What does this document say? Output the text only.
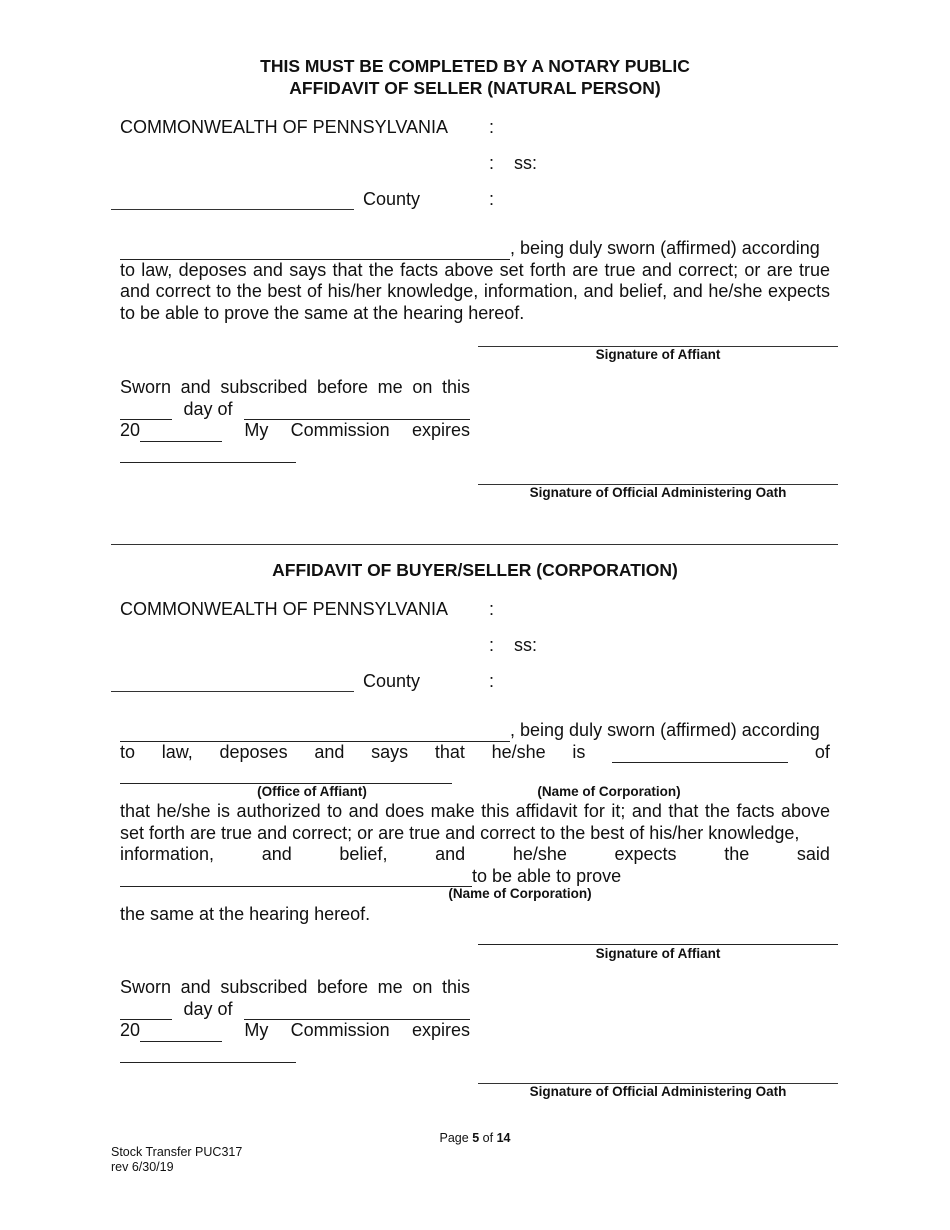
THIS MUST BE COMPLETED BY A NOTARY PUBLIC
AFFIDAVIT OF SELLER (NATURAL PERSON)
COMMONWEALTH OF PENNSYLVANIA :
: ss:
County	:
, being duly sworn (affirmed) according
to law, deposes and says that the facts above set forth are true and correct; or are true and correct to the best of his/her knowledge, information, and belief, and he/she expects to be able to prove the same at the hearing hereof.
Signature of Affiant
Sworn and subscribed before me on this
day of
20	My Commission expires
Signature of Official Administering Oath
AFFIDAVIT OF BUYER/SELLER (CORPORATION)
COMMONWEALTH OF PENNSYLVANIA :
: ss:
County	:
, being duly sworn (affirmed) according
to law, deposes and says that he/she is	of
(Office of Affiant)	(Name of Corporation)
that he/she is authorized to and does make this affidavit for it; and that the facts above set forth are true and correct; or are true and correct to the best of his/her knowledge,
information,	and	belief,	and	he/she	expects	the	said
to be able to prove
(Name of Corporation)
the same at the hearing hereof.
Signature of Affiant
Sworn and subscribed before me on this
day of
20	My Commission expires
Signature of Official Administering Oath
Page 5 of 14
Stock Transfer PUC317
rev 6/30/19
